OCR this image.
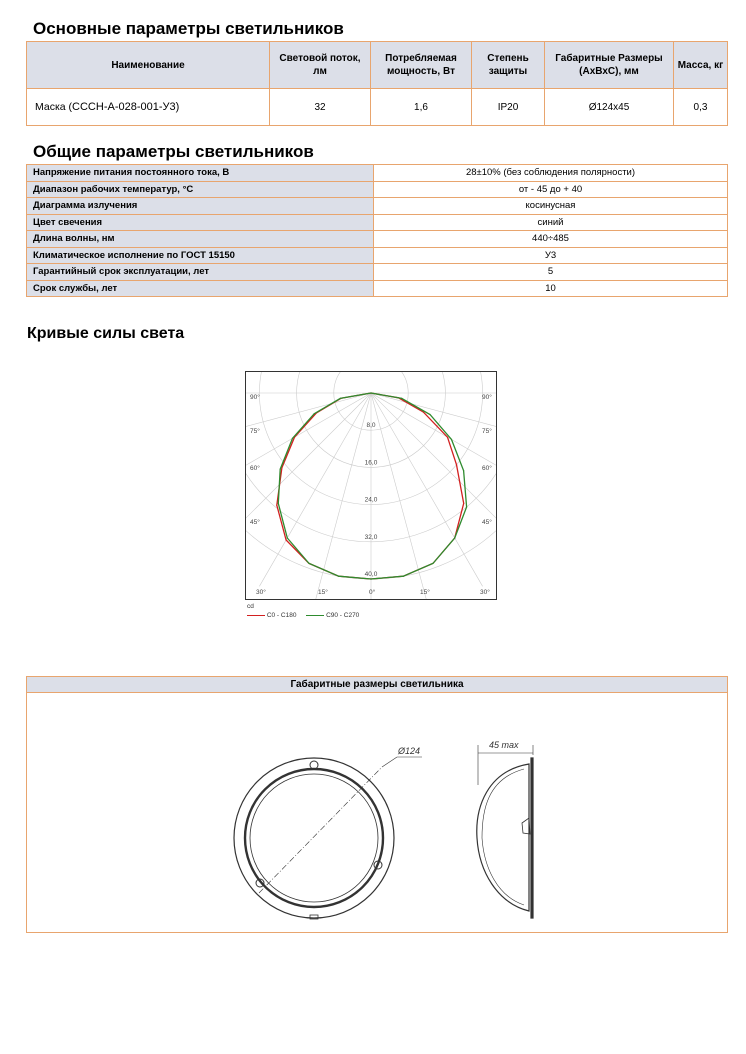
Основные параметры светильников
Наименование	Световой поток, лм	Потребляемая мощность, Вт	Степень защиты	Габаритные Размеры (АхВхС), мм	Масса, кг
Маска (СССН-А-028-001-У3)	32	1,6	IP20	Ø124х45	0,3
Общие параметры светильников
Напряжение питания постоянного тока, В	28±10% (без соблюдения полярности)
Диапазон рабочих температур, °С	от - 45 до + 40
Диаграмма излучения	косинусная
Цвет свечения	синий
Длина волны, нм	440÷485
Климатическое исполнение по ГОСТ 15150	У3
Гарантийный срок эксплуатации, лет	5
Срок службы, лет	10
Кривые силы света
8,0
16,0
24,0
32,0
40,0
90°
75°
60°
45°
30°	15°
90°
75°
60°
45°
30°
15°
0°
cd
C0 - C180	C90 - C270
Габаритные размеры светильника
Ø124
45 max
